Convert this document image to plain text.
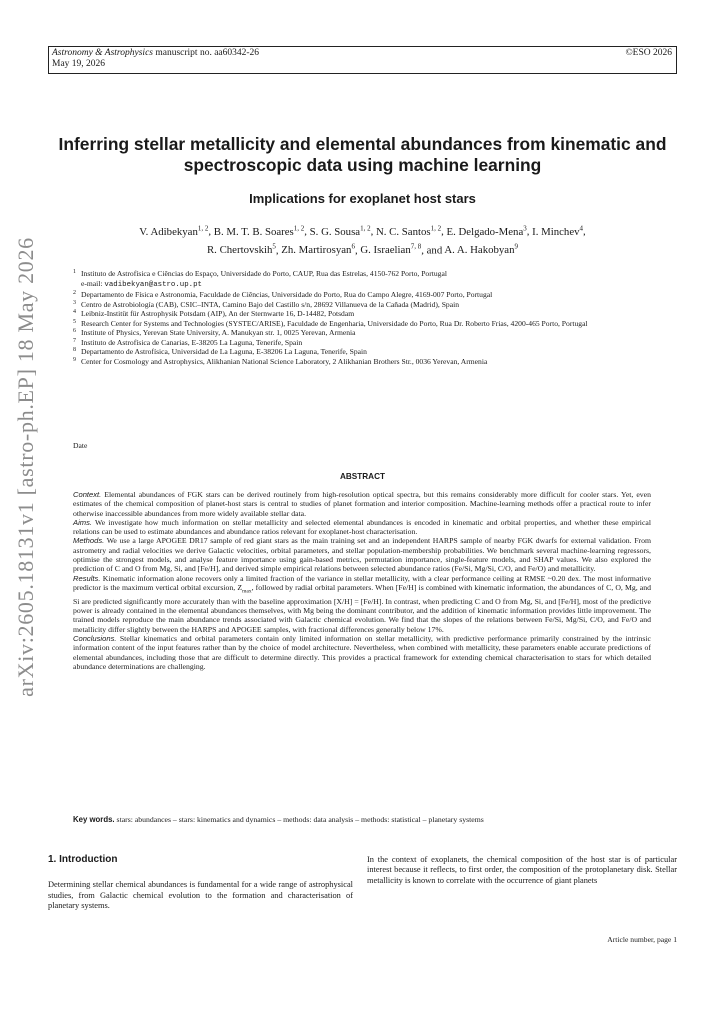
Astronomy & Astrophysics manuscript no. aa60342-26
May 19, 2026
©ESO 2026
arXiv:2605.18131v1 [astro-ph.EP] 18 May 2026
Inferring stellar metallicity and elemental abundances from kinematic and spectroscopic data using machine learning
Implications for exoplanet host stars
V. Adibekyan$^{1, 2}$, B. M. T. B. Soares$^{1, 2}$, S. G. Sousa$^{1, 2}$, N. C. Santos$^{1, 2}$, E. Delgado-Mena$^3$, I. Minchev$^4$,
R. Chertovskih$^5$, Zh. Martirosyan$^6$, G. Israelian$^{7, 8}$, and A. A. Hakobyan$^9$
1 Instituto de Astrofísica e Ciências do Espaço, Universidade do Porto, CAUP, Rua das Estrelas, 4150-762 Porto, Portugal
e-mail: vadibekyan@astro.up.pt
2 Departamento de Física e Astronomia, Faculdade de Ciências, Universidade do Porto, Rua do Campo Alegre, 4169-007 Porto, Portugal
3 Centro de Astrobiología (CAB), CSIC–INTA, Camino Bajo del Castillo s/n, 28692 Villanueva de la Cañada (Madrid), Spain
4 Leibniz-Institüt für Astrophysik Potsdam (AIP), An der Sternwarte 16, D-14482, Potsdam
5 Research Center for Systems and Technologies (SYSTEC/ARISE), Faculdade de Engenharia, Universidade do Porto, Rua Dr. Roberto Frias, 4200-465 Porto, Portugal
6 Institute of Physics, Yerevan State University, A. Manukyan str. 1, 0025 Yerevan, Armenia
7 Instituto de Astrofísica de Canarias, E-38205 La Laguna, Tenerife, Spain
8 Departamento de Astrofísica, Universidad de La Laguna, E-38206 La Laguna, Tenerife, Spain
9 Center for Cosmology and Astrophysics, Alikhanian National Science Laboratory, 2 Alikhanian Brothers Str., 0036 Yerevan, Armenia
Date
ABSTRACT

Context. Elemental abundances of FGK stars can be derived routinely from high-resolution optical spectra, but this remains considerably more difficult for cooler stars. Yet, even estimates of the chemical composition of planet-host stars is central to studies of planet formation and interior composition. Machine-learning methods offer a practical route to infer otherwise inaccessible abundances from more widely available stellar data.

Aims. We investigate how much information on stellar metallicity and selected elemental abundances is encoded in kinematic and orbital properties, and whether these empirical relations can be used to estimate abundances and abundance ratios relevant for exoplanet-host characterisation.

Methods. We use a large APOGEE DR17 sample of red giant stars as the main training set and an independent HARPS sample of nearby FGK dwarfs for external validation. From astrometry and radial velocities we derive Galactic velocities, orbital parameters, and stellar population-membership probabilities. We benchmark several machine-learning regressors, optimise the strongest models, and analyse feature importance using gain-based metrics, permutation importance, single-feature models, and SHAP values. We also explored the prediction of C and O from Mg, Si, and [Fe/H], and derived simple empirical relations between selected abundance ratios (Fe/Si, Mg/Si, C/O, and Fe/O) and metallicity.

Results. Kinematic information alone recovers only a limited fraction of the variance in stellar metallicity, with a clear performance ceiling at RMSE ~0.20 dex. The most informative predictor is the maximum vertical orbital excursion, $Z_{max}$, followed by radial orbital parameters. When [Fe/H] is combined with kinematic information, the abundances of C, O, Mg, and Si are predicted significantly more accurately than with the baseline approximation [X/H] = [Fe/H]. In contrast, when predicting C and O from Mg, Si, and [Fe/H], most of the predictive power is already contained in the elemental abundances themselves, with Mg being the dominant contributor, and the addition of kinematic information provides little improvement. The trained models reproduce the main abundance trends associated with Galactic chemical evolution. We find that the slopes of the relations between Fe/Si, Mg/Si, C/O, and Fe/O and metallicity differ slightly between the HARPS and APOGEE samples, with fractional differences generally below 17%.

Conclusions. Stellar kinematics and orbital parameters contain only limited information on stellar metallicity, with predictive performance primarily constrained by the intrinsic information content of the input features rather than by the choice of model architecture. Nevertheless, when combined with metallicity, these parameters enable accurate predictions of elemental abundances, including those that are difficult to determine directly. This provides a practical framework for extending chemical characterisation to stars for which detailed abundance determinations are challenging.

Key words. stars: abundances – stars: kinematics and dynamics – methods: data analysis – methods: statistical – planetary systems
1. Introduction

Determining stellar chemical abundances is fundamental for a wide range of astrophysical studies, from Galactic chemical evolution to the formation and characterisation of planetary systems.

In the context of exoplanets, the chemical composition of the host star is of particular interest because it reflects, to first order, the composition of the protoplanetary disk. Stellar metallicity is known to correlate with the occurrence of giant planets

Article number, page 1
